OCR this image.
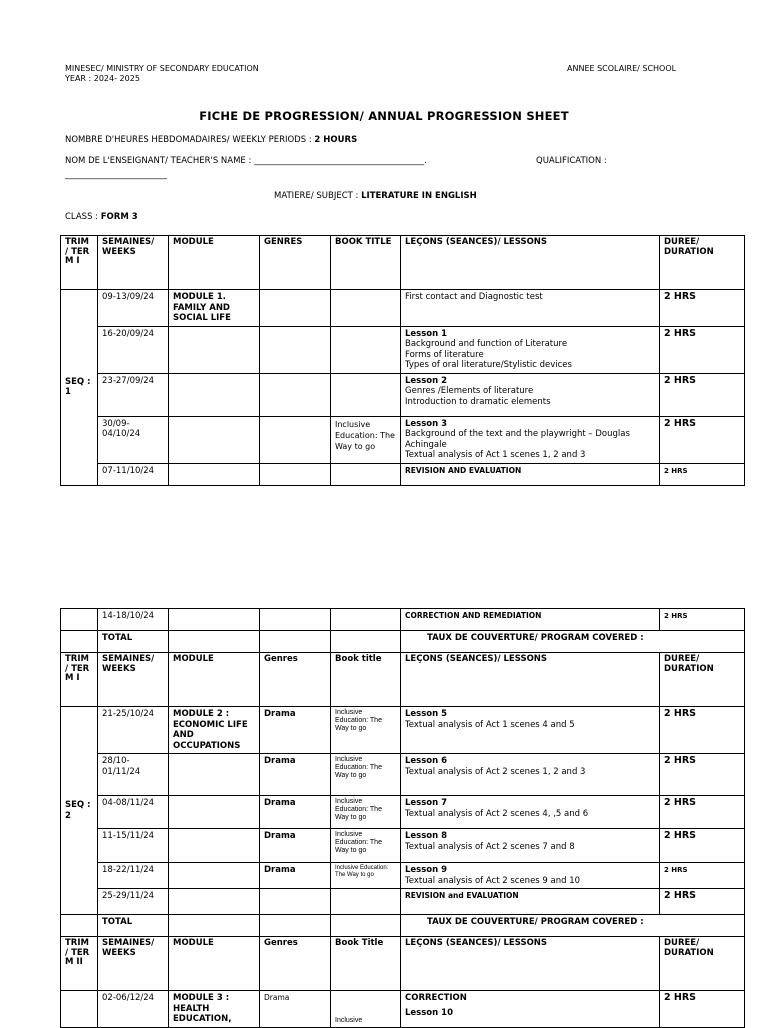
MINESEC/ MINISTRY OF SECONDARY EDUCATION
YEAR : 2024- 2025
ANNEE SCOLAIRE/ SCHOOL
FICHE DE PROGRESSION/ ANNUAL PROGRESSION SHEET
NOMBRE D'HEURES HEBDOMADAIRES/ WEEKLY PERIODS : 2 HOURS
NOM DE L'ENSEIGNANT/ TEACHER'S NAME : ________________________________________.	QUALIFICATION :
________________________
MATIERE/ SUBJECT : LITERATURE IN ENGLISH
CLASS : FORM 3
TRIM / TER M I	SEMAINES/ WEEKS	MODULE	GENRES	BOOK TITLE	LEÇONS (SEANCES)/ LESSONS	DUREE/ DURATION
SEQ : 1	09-13/09/24	MODULE 1. FAMILY AND SOCIAL LIFE			First contact and Diagnostic test	2 HRS
	16-20/09/24				Lesson 1
Background and function of Literature
Forms of literature
Types of oral literature/Stylistic devices	2 HRS
	23-27/09/24				Lesson 2
Genres /Elements of literature
Introduction to dramatic elements	2 HRS
	30/09- 04/10/24			Inclusive Education: The Way to go	Lesson 3
Background of the text and the playwright – Douglas Achingale
Textual analysis of Act 1 scenes 1, 2 and 3	2 HRS
	07-11/10/24				REVISION AND EVALUATION	2 HRS
	14-18/10/24				CORRECTION AND REMEDIATION	2 HRS
	TOTAL				TAUX DE COUVERTURE/ PROGRAM COVERED :	
TRIM / TER M I	SEMAINES/ WEEKS	MODULE	Genres	Book title	LEÇONS (SEANCES)/ LESSONS	DUREE/ DURATION
SEQ : 2	21-25/10/24	MODULE 2 : ECONOMIC LIFE AND OCCUPATIONS	Drama	Inclusive Education: The Way to go	Lesson 5
Textual analysis of Act 1 scenes 4 and 5	2 HRS
	28/10- 01/11/24		Drama	Inclusive Education: The Way to go	Lesson 6
Textual analysis of Act 2 scenes 1, 2 and 3	2 HRS
	04-08/11/24		Drama	Inclusive Education: The Way to go	Lesson 7
Textual analysis of Act 2 scenes 4, ,5 and 6	2 HRS
	11-15/11/24		Drama	Inclusive Education: The Way to go	Lesson 8
Textual analysis of Act 2 scenes 7 and 8	2 HRS
	18-22/11/24		Drama	Inclusive Education: The Way to go	Lesson 9
Textual analysis of Act 2 scenes 9 and 10	2 HRS
	25-29/11/24				REVISION and EVALUATION	2 HRS
	TOTAL				TAUX DE COUVERTURE/ PROGRAM COVERED :	
TRIM / TER M II	SEMAINES/ WEEKS	MODULE	Genres	Book Title	LEÇONS (SEANCES)/ LESSONS	DUREE/ DURATION
	02-06/12/24	MODULE 3 : HEALTH EDUCATION,	Drama	Inclusive	CORRECTION
Lesson 10	2 HRS
